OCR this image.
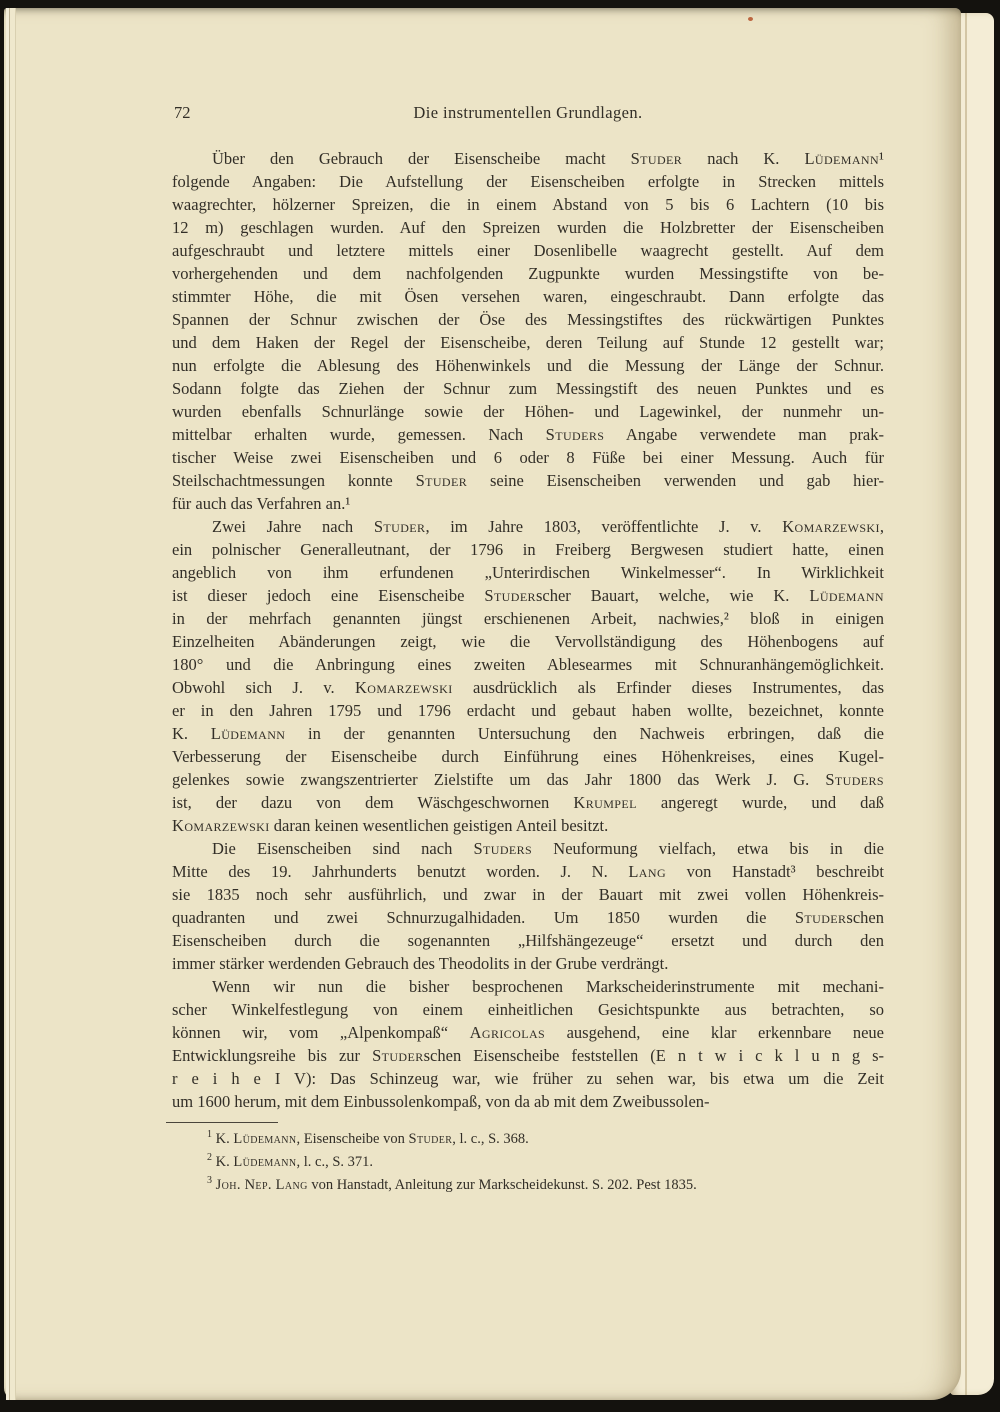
72	Die instrumentellen Grundlagen.
Über den Gebrauch der Eisenscheibe macht Studer nach K. Lüdemann¹
folgende Angaben: Die Aufstellung der Eisenscheiben erfolgte in Strecken mittels
waagrechter, hölzerner Spreizen, die in einem Abstand von 5 bis 6 Lachtern (10 bis
12 m) geschlagen wurden. Auf den Spreizen wurden die Holzbretter der Eisenscheiben
aufgeschraubt und letztere mittels einer Dosenlibelle waagrecht gestellt. Auf dem
vorhergehenden und dem nachfolgenden Zugpunkte wurden Messingstifte von be-
stimmter Höhe, die mit Ösen versehen waren, eingeschraubt. Dann erfolgte das
Spannen der Schnur zwischen der Öse des Messingstiftes des rückwärtigen Punktes
und dem Haken der Regel der Eisenscheibe, deren Teilung auf Stunde 12 gestellt war;
nun erfolgte die Ablesung des Höhenwinkels und die Messung der Länge der Schnur.
Sodann folgte das Ziehen der Schnur zum Messingstift des neuen Punktes und es
wurden ebenfalls Schnurlänge sowie der Höhen- und Lagewinkel, der nunmehr un-
mittelbar erhalten wurde, gemessen. Nach Studers Angabe verwendete man prak-
tischer Weise zwei Eisenscheiben und 6 oder 8 Füße bei einer Messung. Auch für
Steilschachtmessungen konnte Studer seine Eisenscheiben verwenden und gab hier-
für auch das Verfahren an.¹
Zwei Jahre nach Studer, im Jahre 1803, veröffentlichte J. v. Komarzewski,
ein polnischer Generalleutnant, der 1796 in Freiberg Bergwesen studiert hatte, einen
angeblich von ihm erfundenen „Unterirdischen Winkelmesser“. In Wirklichkeit
ist dieser jedoch eine Eisenscheibe Studerscher Bauart, welche, wie K. Lüdemann
in der mehrfach genannten jüngst erschienenen Arbeit, nachwies,² bloß in einigen
Einzelheiten Abänderungen zeigt, wie die Vervollständigung des Höhenbogens auf
180° und die Anbringung eines zweiten Ablesearmes mit Schnuranhängemöglichkeit.
Obwohl sich J. v. Komarzewski ausdrücklich als Erfinder dieses Instrumentes, das
er in den Jahren 1795 und 1796 erdacht und gebaut haben wollte, bezeichnet, konnte
K. Lüdemann in der genannten Untersuchung den Nachweis erbringen, daß die
Verbesserung der Eisenscheibe durch Einführung eines Höhenkreises, eines Kugel-
gelenkes sowie zwangszentrierter Zielstifte um das Jahr 1800 das Werk J. G. Studers
ist, der dazu von dem Wäschgeschwornen Krumpel angeregt wurde, und daß
Komarzewski daran keinen wesentlichen geistigen Anteil besitzt.
Die Eisenscheiben sind nach Studers Neuformung vielfach, etwa bis in die
Mitte des 19. Jahrhunderts benutzt worden. J. N. Lang von Hanstadt³ beschreibt
sie 1835 noch sehr ausführlich, und zwar in der Bauart mit zwei vollen Höhenkreis-
quadranten und zwei Schnurzugalhidaden. Um 1850 wurden die Studerschen
Eisenscheiben durch die sogenannten „Hilfshängezeuge“ ersetzt und durch den
immer stärker werdenden Gebrauch des Theodolits in der Grube verdrängt.
Wenn wir nun die bisher besprochenen Markscheiderinstrumente mit mechani-
scher Winkelfestlegung von einem einheitlichen Gesichtspunkte aus betrachten, so
können wir, vom „Alpenkompaß“ Agricolas ausgehend, eine klar erkennbare neue
Entwicklungsreihe bis zur Studerschen Eisenscheibe feststellen (E n t w i c k l u n g s-
r e i h e I V): Das Schinzeug war, wie früher zu sehen war, bis etwa um die Zeit
um 1600 herum, mit dem Einbussolenkompaß, von da ab mit dem Zweibussolen-
$^1$ K. Lüdemann, Eisenscheibe von Studer, l. c., S. 368.
$^2$ K. Lüdemann, l. c., S. 371.
$^3$ Joh. Nep. Lang von Hanstadt, Anleitung zur Markscheidekunst. S. 202. Pest 1835.
